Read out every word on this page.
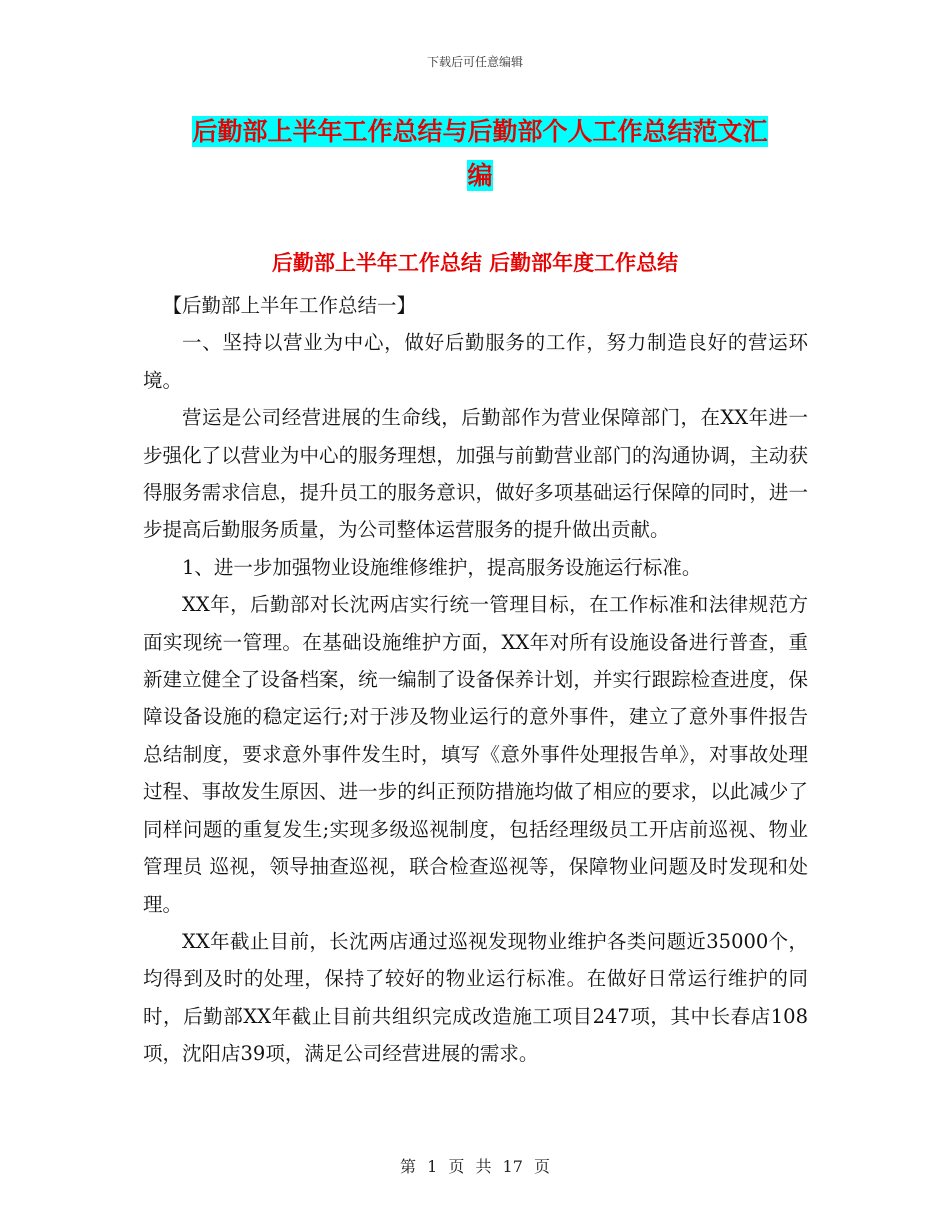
下载后可任意编辑
后勤部上半年工作总结与后勤部个人工作总结范文汇
编
后勤部上半年工作总结 后勤部年度工作总结

【后勤部上半年工作总结一】

一、坚持以营业为中心，做好后勤服务的工作，努力制造良好的营运环境。

营运是公司经营进展的生命线，后勤部作为营业保障部门，在XX年进一步强化了以营业为中心的服务理想，加强与前勤营业部门的沟通协调，主动获得服务需求信息，提升员工的服务意识，做好多项基础运行保障的同时，进一步提高后勤服务质量，为公司整体运营服务的提升做出贡献。

1、进一步加强物业设施维修维护，提高服务设施运行标准。

XX年，后勤部对长沈两店实行统一管理目标，在工作标准和法律规范方面实现统一管理。在基础设施维护方面，XX年对所有设施设备进行普查，重新建立健全了设备档案，统一编制了设备保养计划，并实行跟踪检查进度，保障设备设施的稳定运行;对于涉及物业运行的意外事件，建立了意外事件报告总结制度，要求意外事件发生时，填写《意外事件处理报告单》，对事故处理过程、事故发生原因、进一步的纠正预防措施均做了相应的要求，以此减少了同样问题的重复发生;实现多级巡视制度，包括经理级员工开店前巡视、物业管理员 巡视，领导抽查巡视，联合检查巡视等，保障物业问题及时发现和处理。

XX年截止目前，长沈两店通过巡视发现物业维护各类问题近35000个，均得到及时的处理，保持了较好的物业运行标准。在做好日常运行维护的同时，后勤部XX年截止目前共组织完成改造施工项目247项，其中长春店108项，沈阳店39项，满足公司经营进展的需求。

第 1 页 共 17 页
